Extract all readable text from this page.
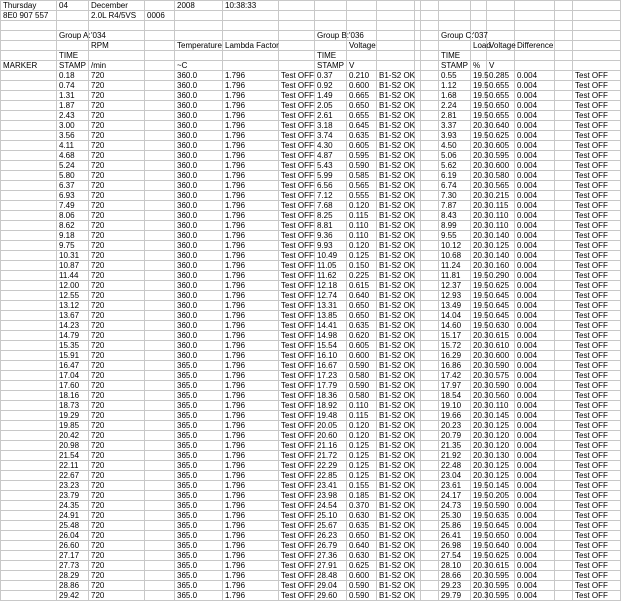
Thursday	04	December		2008	10:38:33												
8E0 907 557		2.0L R4/5VS	0006														

	Group A:	'034					Group B:	'036				Group C:	'037				
		RPM		Temperature	Lambda Factor			Voltage					Load	Voltage	Difference		
	TIME						TIME					TIME					
MARKER	STAMP	/min		~C			STAMP	V				STAMP	%	V			
	0.18	720		360.0	1.796	Test OFF	0.37	0.210	B1-S2 OK			0.55	19.5	0.285	0.004		Test OFF
	0.74	720		360.0	1.796	Test OFF	0.92	0.600	B1-S2 OK			1.12	19.5	0.655	0.004		Test OFF
	1.31	720		360.0	1.796	Test OFF	1.49	0.665	B1-S2 OK			1.68	19.5	0.655	0.004		Test OFF
	1.87	720		360.0	1.796	Test OFF	2.05	0.650	B1-S2 OK			2.24	19.5	0.650	0.004		Test OFF
	2.43	720		360.0	1.796	Test OFF	2.61	0.655	B1-S2 OK			2.81	19.5	0.655	0.004		Test OFF
	3.00	720		360.0	1.796	Test OFF	3.18	0.645	B1-S2 OK			3.37	20.3	0.640	0.004		Test OFF
	3.56	720		360.0	1.796	Test OFF	3.74	0.635	B1-S2 OK			3.93	19.5	0.625	0.004		Test OFF
	4.11	720		360.0	1.796	Test OFF	4.30	0.605	B1-S2 OK			4.50	20.3	0.605	0.004		Test OFF
	4.68	720		360.0	1.796	Test OFF	4.87	0.595	B1-S2 OK			5.06	20.3	0.595	0.004		Test OFF
	5.24	720		360.0	1.796	Test OFF	5.43	0.590	B1-S2 OK			5.62	20.3	0.600	0.004		Test OFF
	5.80	720		360.0	1.796	Test OFF	5.99	0.585	B1-S2 OK			6.19	20.3	0.580	0.004		Test OFF
	6.37	720		360.0	1.796	Test OFF	6.56	0.565	B1-S2 OK			6.74	20.3	0.565	0.004		Test OFF
	6.93	720		360.0	1.796	Test OFF	7.12	0.555	B1-S2 OK			7.30	20.3	0.215	0.004		Test OFF
	7.49	720		360.0	1.796	Test OFF	7.68	0.120	B1-S2 OK			7.87	20.3	0.115	0.004		Test OFF
	8.06	720		360.0	1.796	Test OFF	8.25	0.115	B1-S2 OK			8.43	20.3	0.110	0.004		Test OFF
	8.62	720		360.0	1.796	Test OFF	8.81	0.110	B1-S2 OK			8.99	20.3	0.110	0.004		Test OFF
	9.18	720		360.0	1.796	Test OFF	9.36	0.110	B1-S2 OK			9.55	20.3	0.140	0.004		Test OFF
	9.75	720		360.0	1.796	Test OFF	9.93	0.120	B1-S2 OK			10.12	20.3	0.125	0.004		Test OFF
	10.31	720		360.0	1.796	Test OFF	10.49	0.125	B1-S2 OK			10.68	20.3	0.140	0.004		Test OFF
	10.87	720		360.0	1.796	Test OFF	11.05	0.150	B1-S2 OK			11.24	20.3	0.160	0.004		Test OFF
	11.44	720		360.0	1.796	Test OFF	11.62	0.225	B1-S2 OK			11.81	19.5	0.290	0.004		Test OFF
	12.00	720		360.0	1.796	Test OFF	12.18	0.615	B1-S2 OK			12.37	19.5	0.625	0.004		Test OFF
	12.55	720		360.0	1.796	Test OFF	12.74	0.640	B1-S2 OK			12.93	19.5	0.645	0.004		Test OFF
	13.12	720		360.0	1.796	Test OFF	13.31	0.650	B1-S2 OK			13.49	19.5	0.645	0.004		Test OFF
	13.67	720		360.0	1.796	Test OFF	13.85	0.650	B1-S2 OK			14.04	19.5	0.645	0.004		Test OFF
	14.23	720		360.0	1.796	Test OFF	14.41	0.635	B1-S2 OK			14.60	19.5	0.630	0.004		Test OFF
	14.79	720		360.0	1.796	Test OFF	14.98	0.620	B1-S2 OK			15.17	20.3	0.615	0.004		Test OFF
	15.35	720		360.0	1.796	Test OFF	15.54	0.605	B1-S2 OK			15.72	20.3	0.610	0.004		Test OFF
	15.91	720		360.0	1.796	Test OFF	16.10	0.600	B1-S2 OK			16.29	20.3	0.600	0.004		Test OFF
	16.47	720		365.0	1.796	Test OFF	16.67	0.590	B1-S2 OK			16.86	20.3	0.590	0.004		Test OFF
	17.04	720		365.0	1.796	Test OFF	17.23	0.580	B1-S2 OK			17.42	20.3	0.575	0.004		Test OFF
	17.60	720		365.0	1.796	Test OFF	17.79	0.590	B1-S2 OK			17.97	20.3	0.590	0.004		Test OFF
	18.16	720		365.0	1.796	Test OFF	18.36	0.580	B1-S2 OK			18.54	20.3	0.560	0.004		Test OFF
	18.73	720		365.0	1.796	Test OFF	18.92	0.110	B1-S2 OK			19.10	20.3	0.110	0.004		Test OFF
	19.29	720		365.0	1.796	Test OFF	19.48	0.115	B1-S2 OK			19.66	20.3	0.145	0.004		Test OFF
	19.85	720		365.0	1.796	Test OFF	20.05	0.120	B1-S2 OK			20.23	20.3	0.125	0.004		Test OFF
	20.42	720		365.0	1.796	Test OFF	20.60	0.120	B1-S2 OK			20.79	20.3	0.120	0.004		Test OFF
	20.98	720		365.0	1.796	Test OFF	21.16	0.125	B1-S2 OK			21.35	20.3	0.120	0.004		Test OFF
	21.54	720		365.0	1.796	Test OFF	21.72	0.125	B1-S2 OK			21.92	20.3	0.130	0.004		Test OFF
	22.11	720		365.0	1.796	Test OFF	22.29	0.125	B1-S2 OK			22.48	20.3	0.125	0.004		Test OFF
	22.67	720		365.0	1.796	Test OFF	22.85	0.125	B1-S2 OK			23.04	20.3	0.125	0.004		Test OFF
	23.23	720		365.0	1.796	Test OFF	23.41	0.155	B1-S2 OK			23.61	19.5	0.145	0.004		Test OFF
	23.79	720		365.0	1.796	Test OFF	23.98	0.185	B1-S2 OK			24.17	19.5	0.205	0.004		Test OFF
	24.35	720		365.0	1.796	Test OFF	24.54	0.370	B1-S2 OK			24.73	19.5	0.590	0.004		Test OFF
	24.91	720		365.0	1.796	Test OFF	25.10	0.630	B1-S2 OK			25.30	19.5	0.635	0.004		Test OFF
	25.48	720		365.0	1.796	Test OFF	25.67	0.635	B1-S2 OK			25.86	19.5	0.645	0.004		Test OFF
	26.04	720		365.0	1.796	Test OFF	26.23	0.650	B1-S2 OK			26.41	19.5	0.650	0.004		Test OFF
	26.60	720		365.0	1.796	Test OFF	26.79	0.640	B1-S2 OK			26.98	19.5	0.640	0.004		Test OFF
	27.17	720		365.0	1.796	Test OFF	27.36	0.630	B1-S2 OK			27.54	19.5	0.625	0.004		Test OFF
	27.73	720		365.0	1.796	Test OFF	27.91	0.625	B1-S2 OK			28.10	20.3	0.615	0.004		Test OFF
	28.29	720		365.0	1.796	Test OFF	28.48	0.600	B1-S2 OK			28.66	20.3	0.595	0.004		Test OFF
	28.86	720		365.0	1.796	Test OFF	29.04	0.590	B1-S2 OK			29.23	20.3	0.595	0.004		Test OFF
	29.42	720		365.0	1.796	Test OFF	29.60	0.590	B1-S2 OK			29.79	20.3	0.595	0.004		Test OFF
